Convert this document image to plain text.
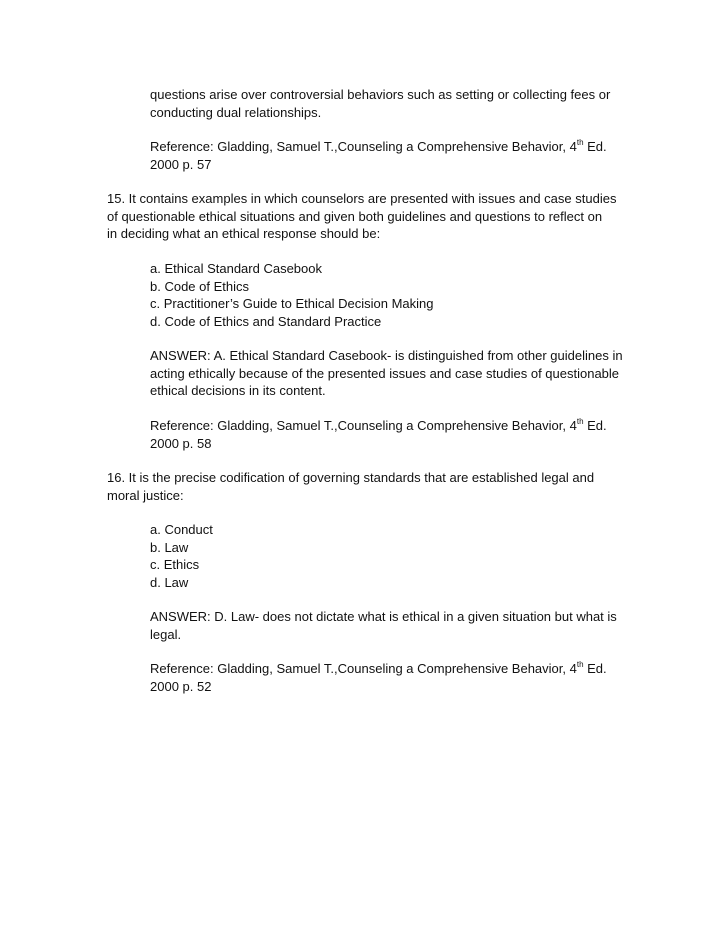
questions arise over controversial behaviors such as setting or collecting fees or
conducting dual relationships.
Reference: Gladding, Samuel T.,Counseling a Comprehensive Behavior, 4th Ed.
2000 p. 57
15. It contains examples in which counselors are presented with issues and case studies
of questionable ethical situations and given both guidelines and questions to reflect on
in deciding what an ethical response should be:
a. Ethical Standard Casebook
b. Code of Ethics
c. Practitioner’s Guide to Ethical Decision Making
d. Code of Ethics and Standard Practice
ANSWER: A. Ethical Standard Casebook- is distinguished from other guidelines in
acting ethically because of the presented issues and case studies of questionable
ethical decisions in its content.
Reference: Gladding, Samuel T.,Counseling a Comprehensive Behavior, 4th Ed.
2000 p. 58
16. It is the precise codification of governing standards that are established legal and
moral justice:
a. Conduct
b. Law
c. Ethics
d. Law
ANSWER: D. Law- does not dictate what is ethical in a given situation but what is
legal.
Reference: Gladding, Samuel T.,Counseling a Comprehensive Behavior, 4th Ed.
2000 p. 52
